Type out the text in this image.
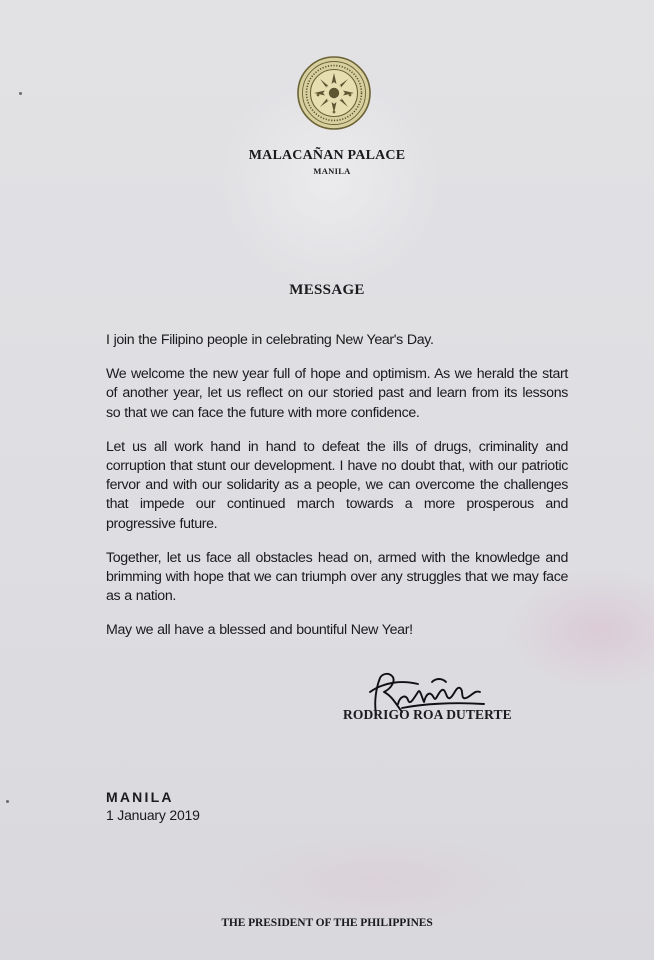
MALACAÑAN PALACE
MANILA
MESSAGE

I join the Filipino people in celebrating New Year's Day.

We welcome the new year full of hope and optimism. As we herald the start of another year, let us reflect on our storied past and learn from its lessons so that we can face the future with more confidence.

Let us all work hand in hand to defeat the ills of drugs, criminality and corruption that stunt our development. I have no doubt that, with our patriotic fervor and with our solidarity as a people, we can overcome the challenges that impede our continued march towards a more prosperous and progressive future.

Together, let us face all obstacles head on, armed with the knowledge and brimming with hope that we can triumph over any struggles that we may face as a nation.

May we all have a blessed and bountiful New Year!

RODRIGO ROA DUTERTE
MANILA
1 January 2019
THE PRESIDENT OF THE PHILIPPINES
